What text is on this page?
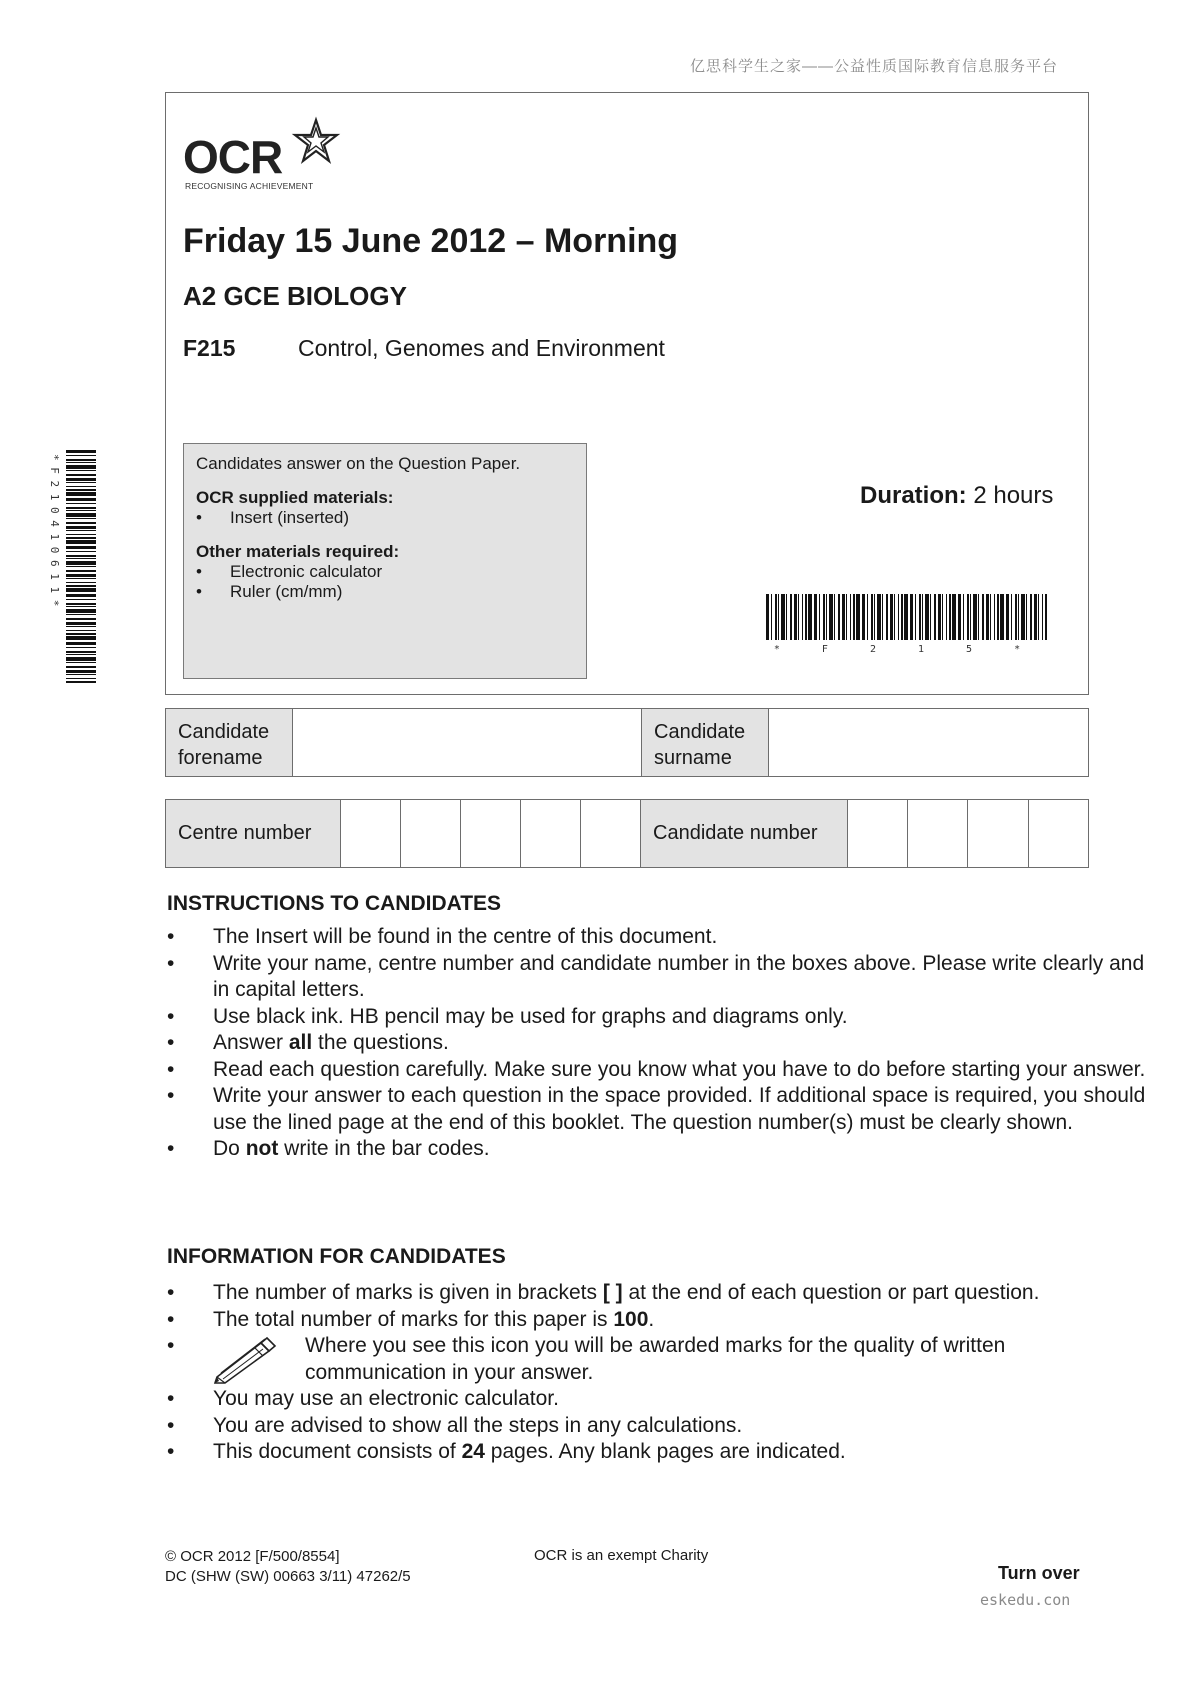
亿思科学生之家——公益性质国际教育信息服务平台
OCR
RECOGNISING ACHIEVEMENT
Friday 15 June 2012 – Morning
A2 GCE BIOLOGY
F215	Control, Genomes and Environment

Candidates answer on the Question Paper.

OCR supplied materials:

•	Insert (inserted)

Other materials required:

•	Electronic calculator
•	Ruler (cm/mm)
Duration: 2 hours
* F 2 1 5 *
* F 2 1 0 4 1 0 6 1 1 *
Candidate forename
Candidate surname
Centre number	Candidate number
INSTRUCTIONS TO CANDIDATES
• The Insert will be found in the centre of this document.
• Write your name, centre number and candidate number in the boxes above. Please write clearly and in capital letters.
• Use black ink. HB pencil may be used for graphs and diagrams only.
• Answer all the questions.
• Read each question carefully. Make sure you know what you have to do before starting your answer.
• Write your answer to each question in the space provided. If additional space is required, you should use the lined page at the end of this booklet. The question number(s) must be clearly shown.
• Do not write in the bar codes.
INFORMATION FOR CANDIDATES
• The number of marks is given in brackets [ ] at the end of each question or part question.
• The total number of marks for this paper is 100.
•	Where you see this icon you will be awarded marks for the quality of written communication in your answer.
• You may use an electronic calculator.
• You are advised to show all the steps in any calculations.
• This document consists of 24 pages. Any blank pages are indicated.
© OCR 2012 [F/500/8554]
DC (SHW (SW) 00663 3/11) 47262/5
OCR is an exempt Charity
Turn over
eskedu.con
